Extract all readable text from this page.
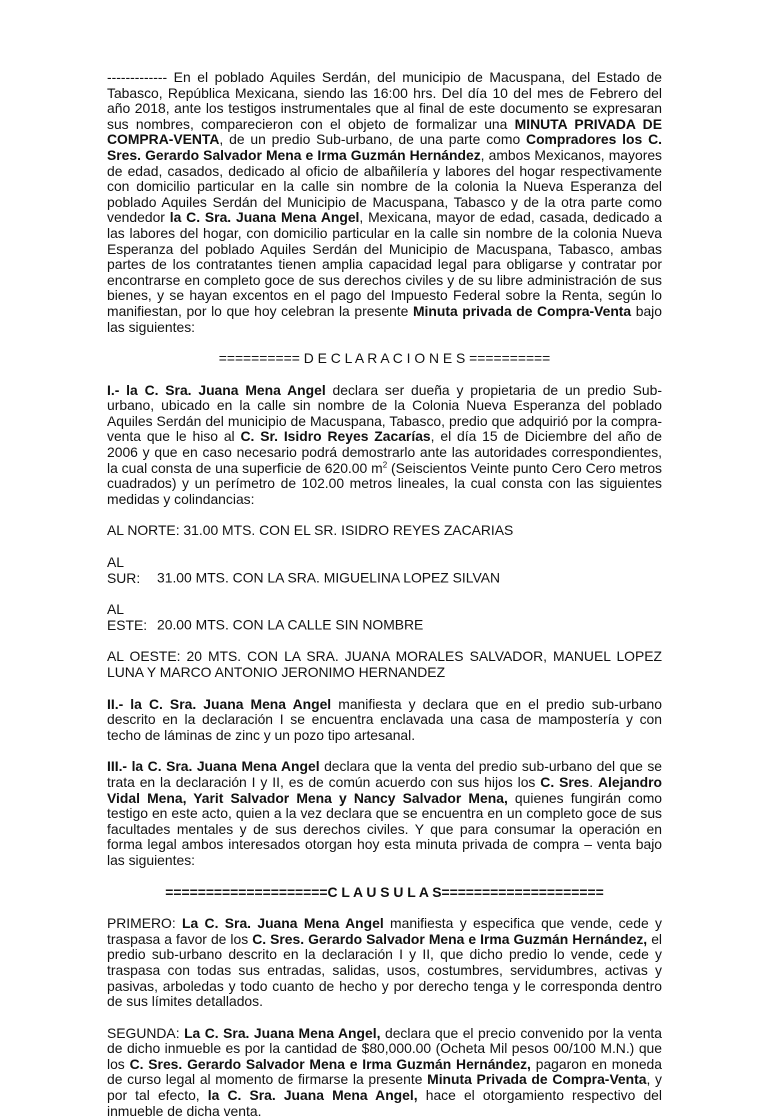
------------- En el poblado Aquiles Serdán, del municipio de Macuspana, del Estado de Tabasco, República Mexicana, siendo las 16:00 hrs. Del día 10 del mes de Febrero del año 2018, ante los testigos instrumentales que al final de este documento se expresaran sus nombres, comparecieron con el objeto de formalizar una MINUTA PRIVADA DE COMPRA-VENTA, de un predio Sub-urbano, de una parte como Compradores los C. Sres. Gerardo Salvador Mena e Irma Guzmán Hernández, ambos Mexicanos, mayores de edad, casados, dedicado al oficio de albañilería y labores del hogar respectivamente con domicilio particular en la calle sin nombre de la colonia la Nueva Esperanza del poblado Aquiles Serdán del Municipio de Macuspana, Tabasco y de la otra parte como vendedor la C. Sra. Juana Mena Angel, Mexicana, mayor de edad, casada, dedicado a las labores del hogar, con domicilio particular en la calle sin nombre de la colonia Nueva Esperanza del poblado Aquiles Serdán del Municipio de Macuspana, Tabasco, ambas partes de los contratantes tienen amplia capacidad legal para obligarse y contratar por encontrarse en completo goce de sus derechos civiles y de su libre administración de sus bienes, y se hayan excentos en el pago del Impuesto Federal sobre la Renta, según lo manifiestan, por lo que hoy celebran la presente Minuta privada de Compra-Venta bajo las siguientes:

========== D E C L A R A C I O N E S ==========

I.- la C. Sra. Juana Mena Angel declara ser dueña y propietaria de un predio Sub-urbano, ubicado en la calle sin nombre de la Colonia Nueva Esperanza del poblado Aquiles Serdán del municipio de Macuspana, Tabasco, predio que adquirió por la compra-venta que le hiso al C. Sr. Isidro Reyes Zacarías, el día 15 de Diciembre del año de 2006 y que en caso necesario podrá demostrarlo ante las autoridades correspondientes, la cual consta de una superficie de 620.00 $m^2$ (Seiscientos Veinte punto Cero Cero metros cuadrados) y un perímetro de 102.00 metros lineales, la cual consta con las siguientes medidas y colindancias:

AL NORTE: 31.00 MTS. CON EL SR. ISIDRO REYES ZACARIAS

AL SUR: 31.00 MTS. CON LA SRA. MIGUELINA LOPEZ SILVAN

AL ESTE: 20.00 MTS. CON LA CALLE SIN NOMBRE

AL OESTE: 20 MTS. CON LA SRA. JUANA MORALES SALVADOR, MANUEL LOPEZ LUNA Y MARCO ANTONIO JERONIMO HERNANDEZ

II.- la C. Sra. Juana Mena Angel manifiesta y declara que en el predio sub-urbano descrito en la declaración I se encuentra enclavada una casa de mampostería y con techo de láminas de zinc y un pozo tipo artesanal.

III.- la C. Sra. Juana Mena Angel declara que la venta del predio sub-urbano del que se trata en la declaración I y II, es de común acuerdo con sus hijos los C. Sres. Alejandro Vidal Mena, Yarit Salvador Mena y Nancy Salvador Mena, quienes fungirán como testigo en este acto, quien a la vez declara que se encuentra en un completo goce de sus facultades mentales y de sus derechos civiles. Y que para consumar la operación en forma legal ambos interesados otorgan hoy esta minuta privada de compra – venta bajo las siguientes:

====================C L A U S U L A S====================

PRIMERO: La C. Sra. Juana Mena Angel manifiesta y especifica que vende, cede y traspasa a favor de los C. Sres. Gerardo Salvador Mena e Irma Guzmán Hernández, el predio sub-urbano descrito en la declaración I y II, que dicho predio lo vende, cede y traspasa con todas sus entradas, salidas, usos, costumbres, servidumbres, activas y pasivas, arboledas y todo cuanto de hecho y por derecho tenga y le corresponda dentro de sus límites detallados.

SEGUNDA: La C. Sra. Juana Mena Angel, declara que el precio convenido por la venta de dicho inmueble es por la cantidad de $80,000.00 (Ocheta Mil pesos 00/100 M.N.) que los C. Sres. Gerardo Salvador Mena e Irma Guzmán Hernández, pagaron en moneda de curso legal al momento de firmarse la presente Minuta Privada de Compra-Venta, y por tal efecto, la C. Sra. Juana Mena Angel, hace el otorgamiento respectivo del inmueble de dicha venta.
